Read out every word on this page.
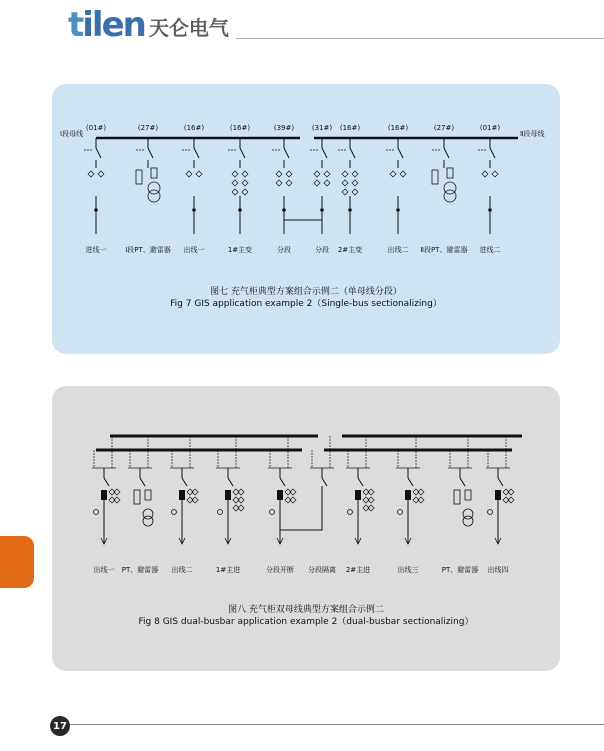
tilen 天仑电气
Ⅰ段母线	Ⅱ段母线
(01#)
进线一
(27#)
Ⅰ段PT、避雷器
(16#)
出线一
(16#)
1#主变
(39#)
分段
(31#)
分段
(16#)
2#主变
(16#)
出线二
(27#)
Ⅱ段PT、避雷器
(01#)
进线二
图七 充气柜典型方案组合示例二（单母线分段）
Fig 7 GIS application example 2（Single-bus sectionalizing）
出线一 PT、避雷器 出线二	1#主进	分段开断 分段隔离 2#主进	出线三	PT、避雷器 出线四
图八 充气柜双母线典型方案组合示例二
Fig 8 GIS dual-busbar application example 2（dual-busbar sectionalizing）
17
